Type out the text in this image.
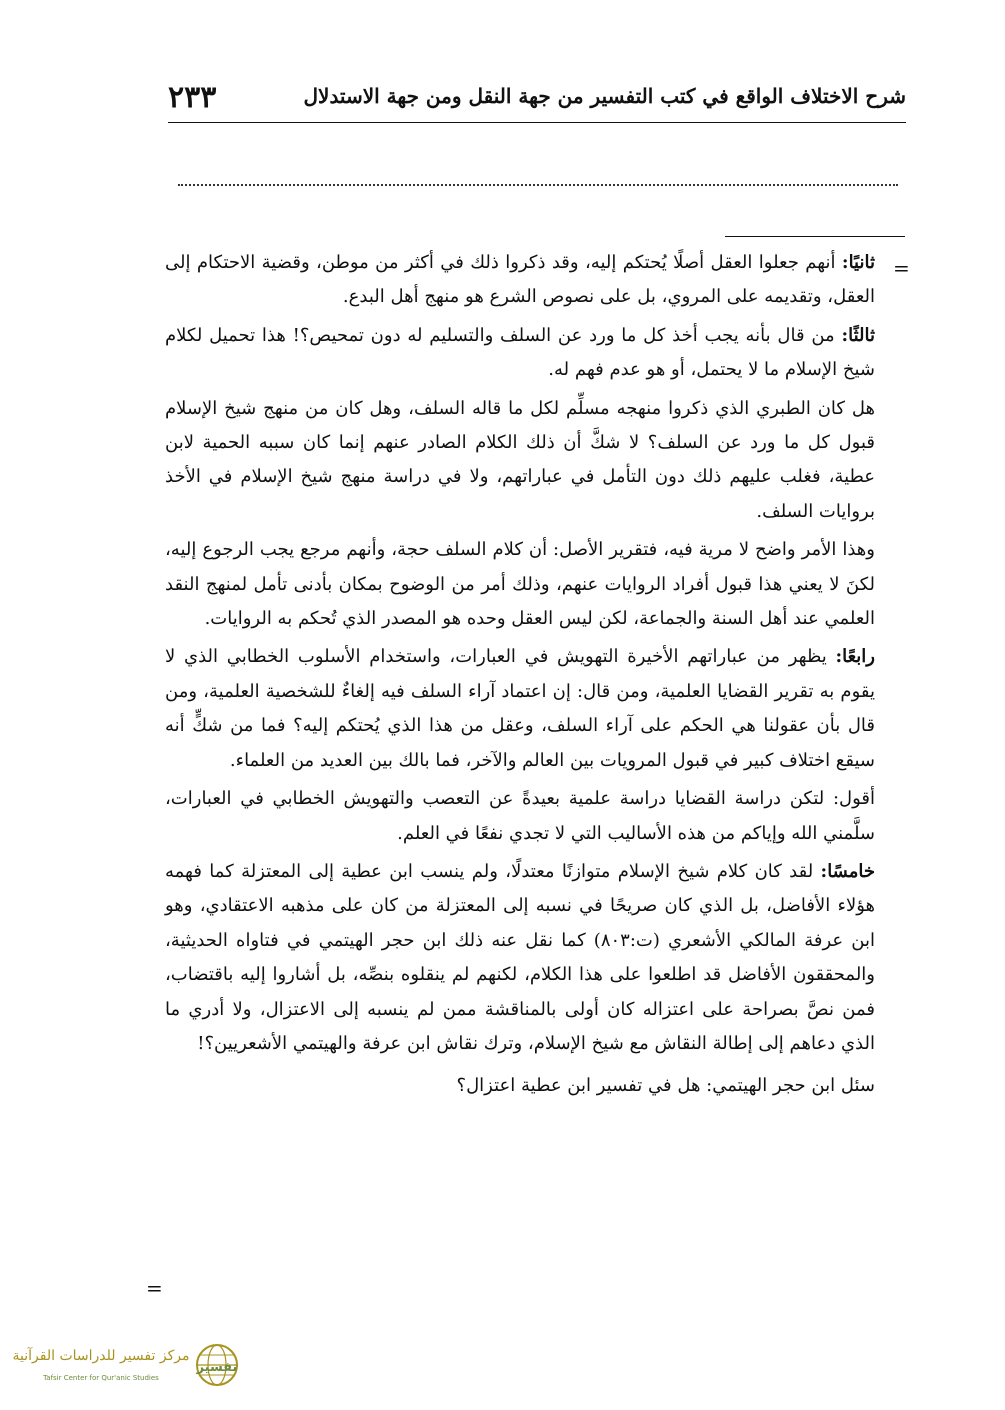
٢٣٣	شرح الاختلاف الواقع في كتب التفسير من جهة النقل ومن جهة الاستدلال
=

ثانيًا: أنهم جعلوا العقل أصلًا يُحتكم إليه، وقد ذكروا ذلك في أكثر من موطن، وقضية الاحتكام إلى العقل، وتقديمه على المروي، بل على نصوص الشرع هو منهج أهل البدع.

ثالثًا: من قال بأنه يجب أخذ كل ما ورد عن السلف والتسليم له دون تمحيص؟! هذا تحميل لكلام شيخ الإسلام ما لا يحتمل، أو هو عدم فهم له.

هل كان الطبري الذي ذكروا منهجه مسلِّم لكل ما قاله السلف، وهل كان من منهج شيخ الإسلام قبول كل ما ورد عن السلف؟ لا شكَّ أن ذلك الكلام الصادر عنهم إنما كان سببه الحمية لابن عطية، فغلب عليهم ذلك دون التأمل في عباراتهم، ولا في دراسة منهج شيخ الإسلام في الأخذ بروايات السلف.

وهذا الأمر واضح لا مرية فيه، فتقرير الأصل: أن كلام السلف حجة، وأنهم مرجع يجب الرجوع إليه، لكنَ لا يعني هذا قبول أفراد الروايات عنهم، وذلك أمر من الوضوح بمكان بأدنى تأمل لمنهج النقد العلمي عند أهل السنة والجماعة، لكن ليس العقل وحده هو المصدر الذي تُحكم به الروايات.

رابعًا: يظهر من عباراتهم الأخيرة التهويش في العبارات، واستخدام الأسلوب الخطابي الذي لا يقوم به تقرير القضايا العلمية، ومن قال: إن اعتماد آراء السلف فيه إلغاءٌ للشخصية العلمية، ومن قال بأن عقولنا هي الحكم على آراء السلف، وعقل من هذا الذي يُحتكم إليه؟ فما من شكٍّ أنه سيقع اختلاف كبير في قبول المرويات بين العالم والآخر، فما بالك بين العديد من العلماء.

أقول: لتكن دراسة القضايا دراسة علمية بعيدةً عن التعصب والتهويش الخطابي في العبارات، سلَّمني الله وإياكم من هذه الأساليب التي لا تجدي نفعًا في العلم.

خامسًا: لقد كان كلام شيخ الإسلام متوازنًا معتدلًا، ولم ينسب ابن عطية إلى المعتزلة كما فهمه هؤلاء الأفاضل، بل الذي كان صريحًا في نسبه إلى المعتزلة من كان على مذهبه الاعتقادي، وهو ابن عرفة المالكي الأشعري (ت:٨٠٣) كما نقل عنه ذلك ابن حجر الهيتمي في فتاواه الحديثية، والمحققون الأفاضل قد اطلعوا على هذا الكلام، لكنهم لم ينقلوه بنصِّه، بل أشاروا إليه باقتضاب، فمن نصَّ بصراحة على اعتزاله كان أولى بالمناقشة ممن لم ينسبه إلى الاعتزال، ولا أدري ما الذي دعاهم إلى إطالة النقاش مع شيخ الإسلام، وترك نقاش ابن عرفة والهيتمي الأشعريين؟!

سئل ابن حجر الهيتمي: هل في تفسير ابن عطية اعتزال؟

=
تفسير
مركز تفسير للدراسات القرآنية
Tafsir Center for Qur'anic Studies
